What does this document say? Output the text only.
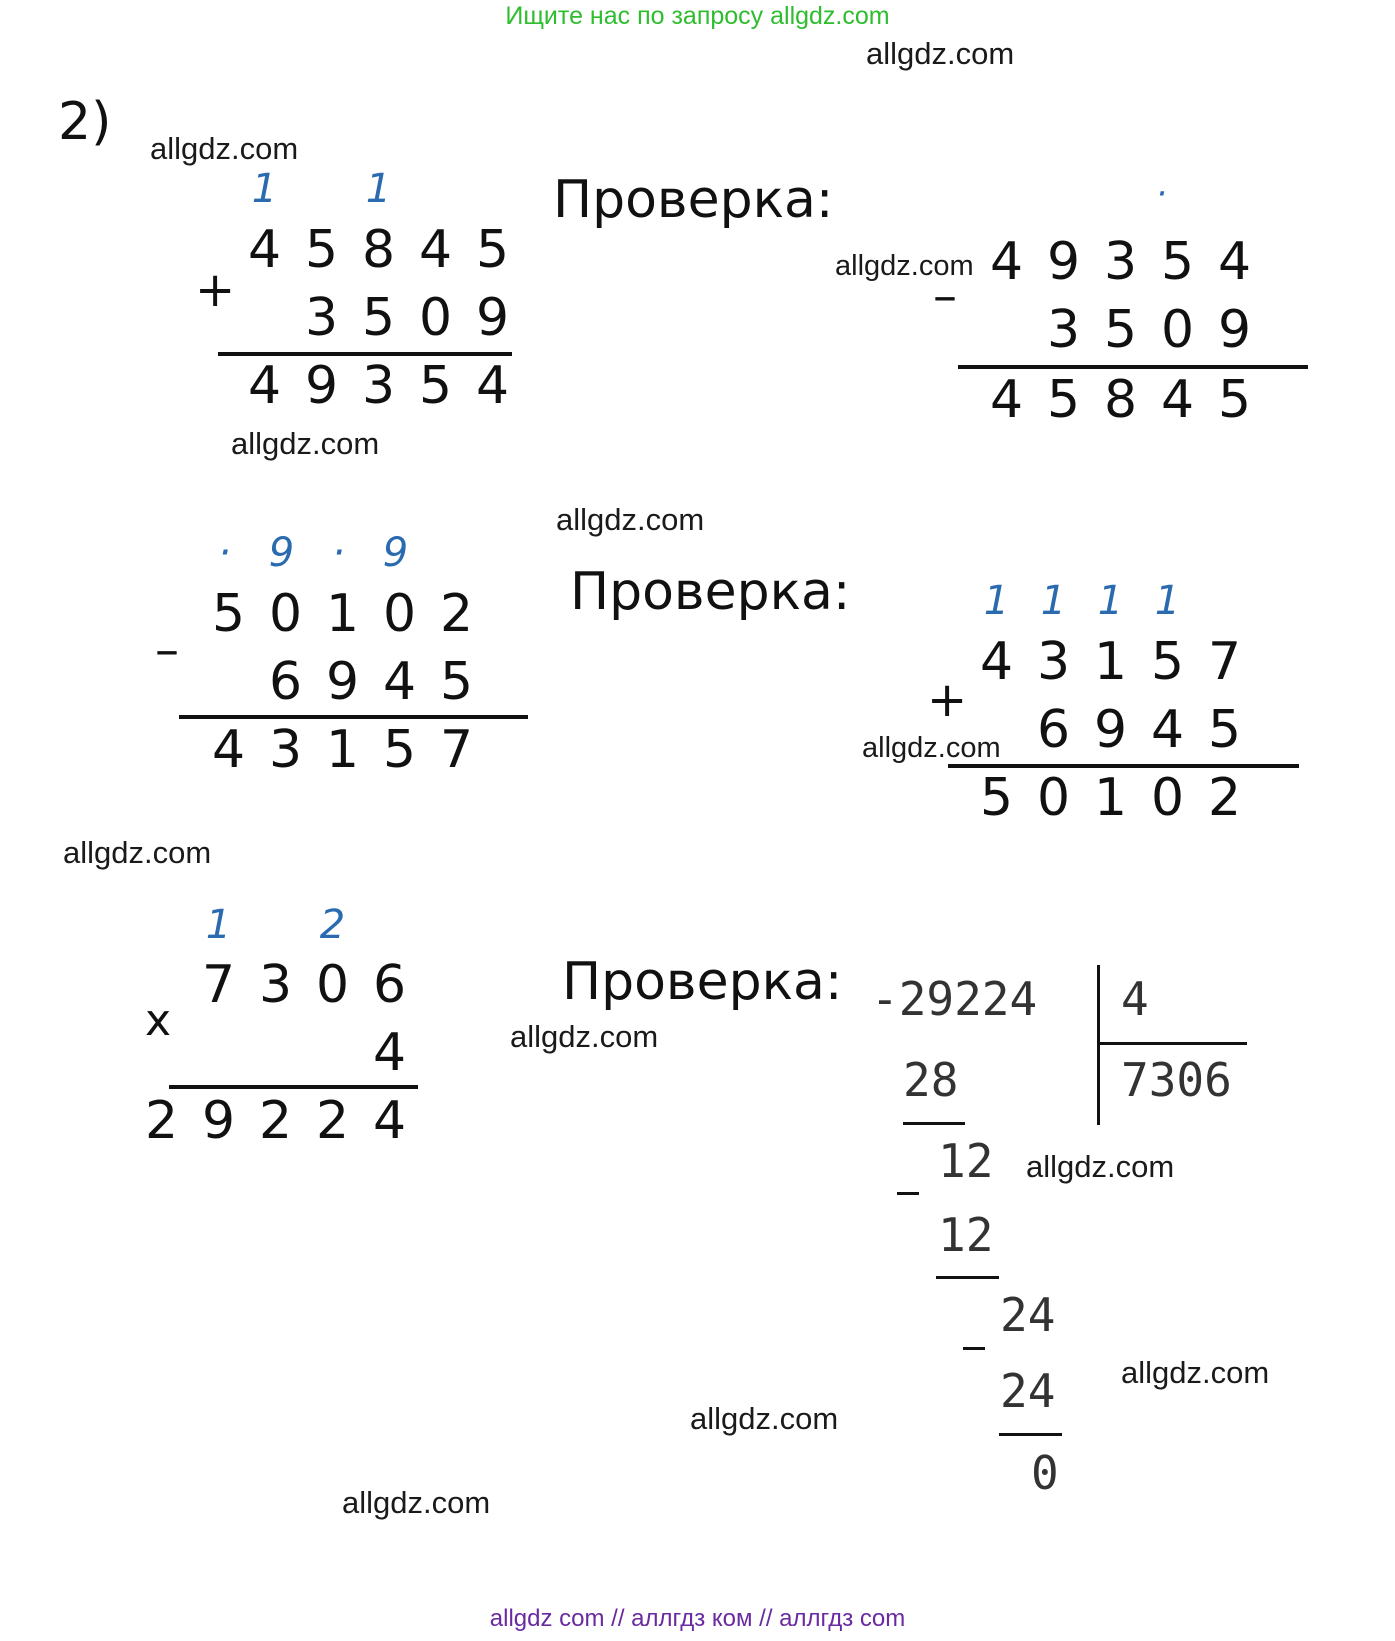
Ищите нас по запросу allgdz.com
allgdz.com
allgdz.com
allgdz.com
allgdz.com
allgdz.com
allgdz.com
allgdz.com
allgdz.com
allgdz.com
allgdz.com
allgdz.com
allgdz.com
2)
Проверка:
Проверка:
Проверка:
1 1
4 5 8 4 5
+	3 5 0 9
4 9 3 5 4
·
4 9 3 5 4
–
3 5 0 9
4 5 8 4 5
· 9 · 9
5 0 1 0 2
–
6 9 4 5
4 3 1 5 7
1 1 1 1
4 3 1 5 7
+	6 9 4 5
5 0 1 0 2
1 2
7 3 0 6
x
4
2 9 2 2 4
-29224 4
7306
28
12
12
24
24
0
allgdz com // аллгдз ком // аллгдз com
